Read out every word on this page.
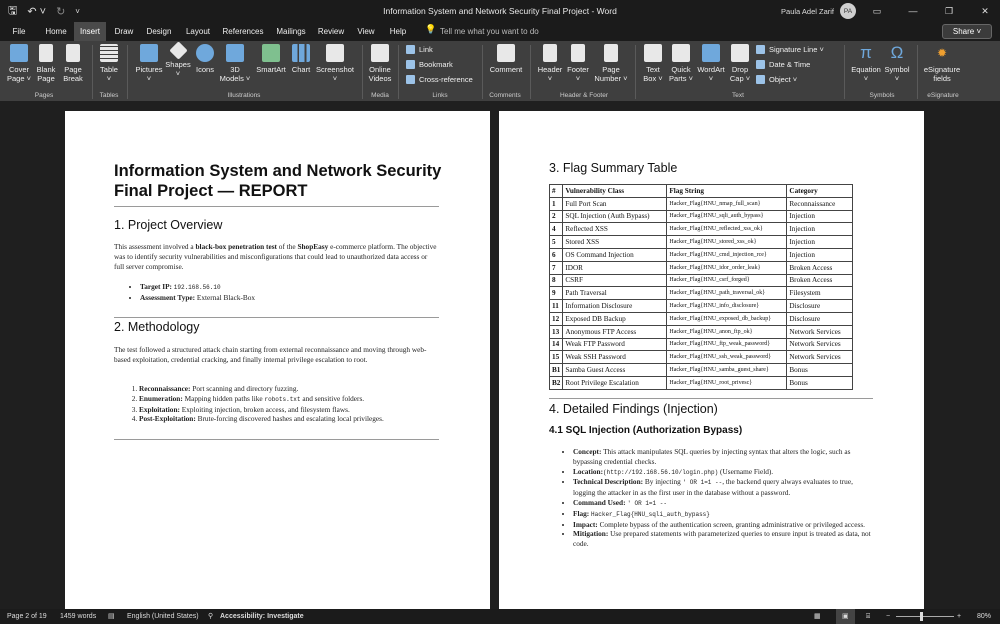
🖫 ↶ ˅ ↻ ˅	Information System and Network Security Final Project - Word	Paula Adel Zarif	PA	▭	—	❐	✕
File	Home	Insert	Draw	Design	Layout	References	Mailings	Review	View	Help	💡 Tell me what you want to do	Share ˅
Cover
Page ˅
Blank
Page
Page
Break
Table
˅
Pictures
˅
Shapes
˅	Icons	3D
Models ˅
SmartArt Chart Screenshot
˅
Online
Videos
Link
Bookmark
Cross-reference
Comment	Header
˅
Footer
˅
Page
Number ˅
Text
Box ˅
Quick
Parts ˅
WordArt
˅
Drop
Cap ˅
Signature Line ˅
Date & Time
Object ˅
π
Equation
˅
Ω
Symbol
˅
✹
eSignature
fields
Pages	Tables	Illustrations	Media	Links	Comments	Header & Footer	Text	Symbols	eSignature
Information System and Network Security Final Project — REPORT
1. Project Overview
This assessment involved a black-box penetration test of the ShopEasy e-commerce platform. The objective was to identify security vulnerabilities and misconfigurations that could lead to unauthorized data access or full server compromise.
• Target IP: 192.168.56.10
• Assessment Type: External Black-Box
2. Methodology
The test followed a structured attack chain starting from external reconnaissance and moving through web-based exploitation, credential cracking, and finally internal privilege escalation to root.
1. Reconnaissance: Port scanning and directory fuzzing.
2. Enumeration: Mapping hidden paths like robots.txt and sensitive folders.
3. Exploitation: Exploiting injection, broken access, and filesystem flaws.
4. Post-Exploitation: Brute-forcing discovered hashes and escalating local privileges.
3. Flag Summary Table
#	Vulnerability Class	Flag String	Category
1	Full Port Scan	Hacker_Flag{HNU_nmap_full_scan}	Reconnaissance
2	SQL Injection (Auth Bypass)	Hacker_Flag{HNU_sqli_auth_bypass}	Injection
4	Reflected XSS	Hacker_Flag{HNU_reflected_xss_ok}	Injection
5	Stored XSS	Hacker_Flag{HNU_stored_xss_ok}	Injection
6	OS Command Injection	Hacker_Flag{HNU_cmd_injection_rce}	Injection
7	IDOR	Hacker_Flag{HNU_idor_order_leak}	Broken Access
8	CSRF	Hacker_Flag{HNU_csrf_forged}	Broken Access
9	Path Traversal	Hacker_Flag{HNU_path_traversal_ok}	Filesystem
11	Information Disclosure	Hacker_Flag{HNU_info_disclosure}	Disclosure
12	Exposed DB Backup	Hacker_Flag{HNU_exposed_db_backup}	Disclosure
13	Anonymous FTP Access	Hacker_Flag{HNU_anon_ftp_ok}	Network Services
14	Weak FTP Password	Hacker_Flag{HNU_ftp_weak_password}	Network Services
15	Weak SSH Password	Hacker_Flag{HNU_ssh_weak_password}	Network Services
B1	Samba Guest Access	Hacker_Flag{HNU_samba_guest_share}	Bonus
B2	Root Privilege Escalation	Hacker_Flag{HNU_root_privesc}	Bonus
4. Detailed Findings (Injection)
4.1 SQL Injection (Authorization Bypass)
• Concept: This attack manipulates SQL queries by injecting syntax that alters the logic, such as bypassing credential checks.
• Location:(http://192.168.56.10/login.php) (Username Field).
• Technical Description: By injecting ' OR 1=1 --, the backend query always evaluates to true, logging the attacker in as the first user in the database without a password.
• Command Used: ' OR 1=1 --
• Flag: Hacker_Flag{HNU_sqli_auth_bypass}
• Impact: Complete bypass of the authentication screen, granting administrative or privileged access.
• Mitigation: Use prepared statements with parameterized queries to ensure input is treated as data, not code.
Page 2 of 19 1459 words ▤ English (United States) ⚲ Accessibility: Investigate	▦	▣	⌸ −	+ 80%
